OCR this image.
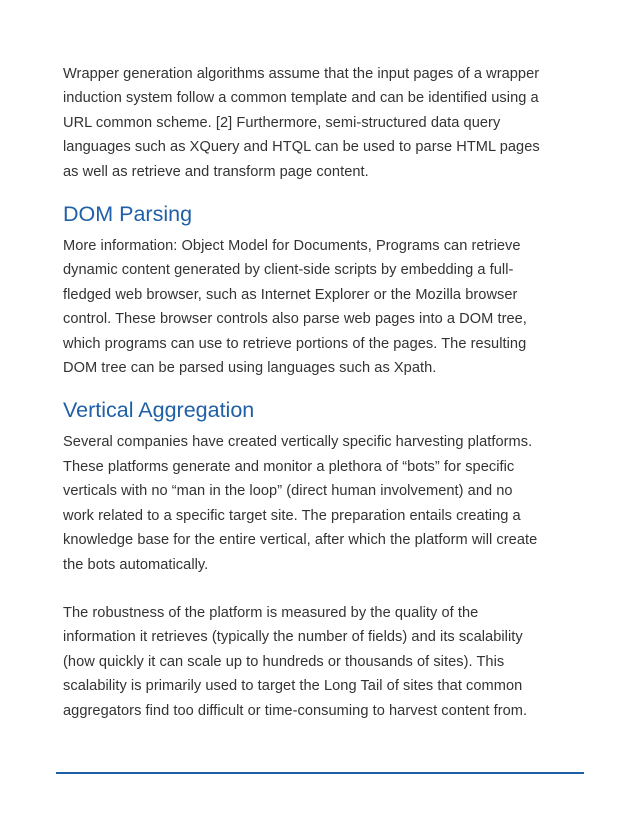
Wrapper generation algorithms assume that the input pages of a wrapper
induction system follow a common template and can be identified using a
URL common scheme. [2] Furthermore, semi-structured data query
languages such as XQuery and HTQL can be used to parse HTML pages
as well as retrieve and transform page content.
DOM Parsing
More information: Object Model for Documents, Programs can retrieve
dynamic content generated by client-side scripts by embedding a full-
fledged web browser, such as Internet Explorer or the Mozilla browser
control. These browser controls also parse web pages into a DOM tree,
which programs can use to retrieve portions of the pages. The resulting
DOM tree can be parsed using languages such as Xpath.
Vertical Aggregation
Several companies have created vertically specific harvesting platforms.
These platforms generate and monitor a plethora of “bots” for specific
verticals with no “man in the loop” (direct human involvement) and no
work related to a specific target site. The preparation entails creating a
knowledge base for the entire vertical, after which the platform will create
the bots automatically.
The robustness of the platform is measured by the quality of the
information it retrieves (typically the number of fields) and its scalability
(how quickly it can scale up to hundreds or thousands of sites). This
scalability is primarily used to target the Long Tail of sites that common
aggregators find too difficult or time-consuming to harvest content from.
